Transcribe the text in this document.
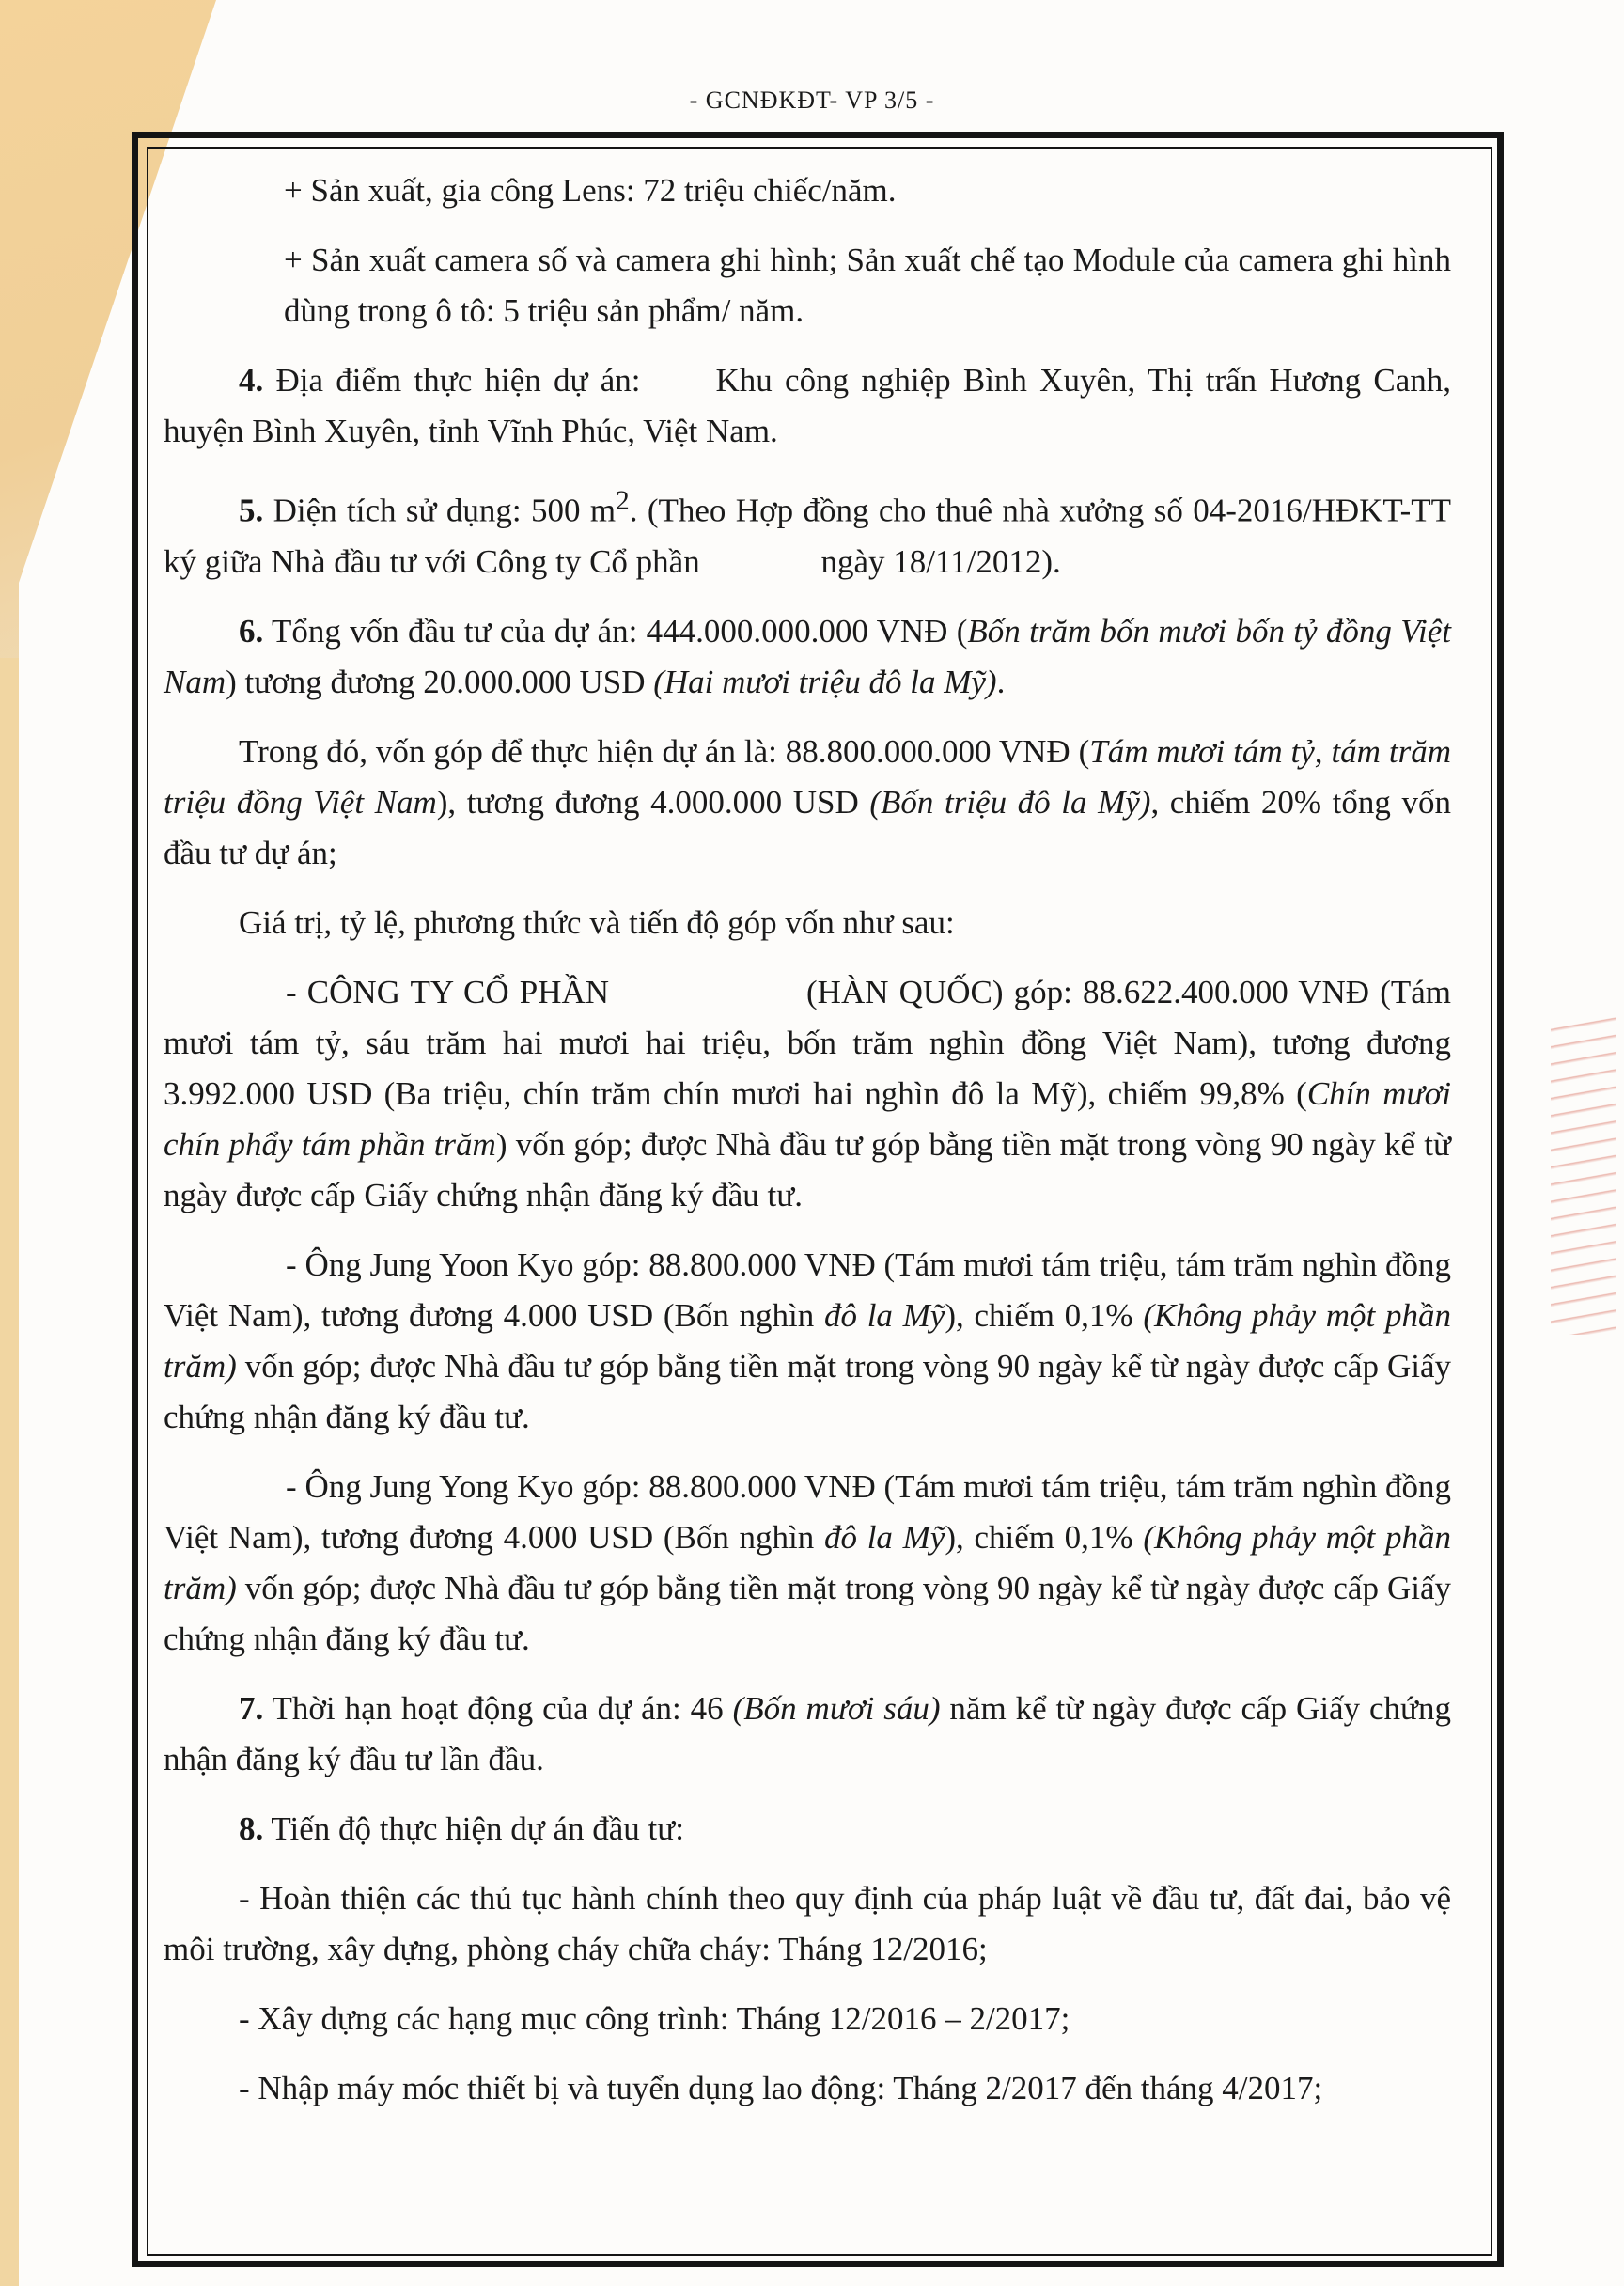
- GCNĐKĐT- VP 3/5 -

+ Sản xuất, gia công Lens: 72 triệu chiếc/năm.

+ Sản xuất camera số và camera ghi hình; Sản xuất chế tạo Module của camera ghi hình dùng trong ô tô: 5 triệu sản phẩm/ năm.

4. Địa điểm thực hiện dự án: Khu công nghiệp Bình Xuyên, Thị trấn Hương Canh, huyện Bình Xuyên, tỉnh Vĩnh Phúc, Việt Nam.

5. Diện tích sử dụng: 500 $m^2$. (Theo Hợp đồng cho thuê nhà xưởng số 04-2016/HĐKT-TT ký giữa Nhà đầu tư với Công ty Cổ phần	ngày 18/11/2012).

6. Tổng vốn đầu tư của dự án: 444.000.000.000 VNĐ (Bốn trăm bốn mươi bốn tỷ đồng Việt Nam) tương đương 20.000.000 USD (Hai mươi triệu đô la Mỹ).

Trong đó, vốn góp để thực hiện dự án là: 88.800.000.000 VNĐ (Tám mươi tám tỷ, tám trăm triệu đồng Việt Nam), tương đương 4.000.000 USD (Bốn triệu đô la Mỹ), chiếm 20% tổng vốn đầu tư dự án;

Giá trị, tỷ lệ, phương thức và tiến độ góp vốn như sau:

- CÔNG TY CỔ PHẦN	(HÀN QUỐC) góp: 88.622.400.000 VNĐ (Tám mươi tám tỷ, sáu trăm hai mươi hai triệu, bốn trăm nghìn đồng Việt Nam), tương đương 3.992.000 USD (Ba triệu, chín trăm chín mươi hai nghìn đô la Mỹ), chiếm 99,8% (Chín mươi chín phẩy tám phần trăm) vốn góp; được Nhà đầu tư góp bằng tiền mặt trong vòng 90 ngày kể từ ngày được cấp Giấy chứng nhận đăng ký đầu tư.

- Ông Jung Yoon Kyo góp: 88.800.000 VNĐ (Tám mươi tám triệu, tám trăm nghìn đồng Việt Nam), tương đương 4.000 USD (Bốn nghìn đô la Mỹ), chiếm 0,1% (Không phảy một phần trăm) vốn góp; được Nhà đầu tư góp bằng tiền mặt trong vòng 90 ngày kể từ ngày được cấp Giấy chứng nhận đăng ký đầu tư.

- Ông Jung Yong Kyo góp: 88.800.000 VNĐ (Tám mươi tám triệu, tám trăm nghìn đồng Việt Nam), tương đương 4.000 USD (Bốn nghìn đô la Mỹ), chiếm 0,1% (Không phảy một phần trăm) vốn góp; được Nhà đầu tư góp bằng tiền mặt trong vòng 90 ngày kể từ ngày được cấp Giấy chứng nhận đăng ký đầu tư.

7. Thời hạn hoạt động của dự án: 46 (Bốn mươi sáu) năm kể từ ngày được cấp Giấy chứng nhận đăng ký đầu tư lần đầu.

8. Tiến độ thực hiện dự án đầu tư:

- Hoàn thiện các thủ tục hành chính theo quy định của pháp luật về đầu tư, đất đai, bảo vệ môi trường, xây dựng, phòng cháy chữa cháy: Tháng 12/2016;

- Xây dựng các hạng mục công trình: Tháng 12/2016 – 2/2017;

- Nhập máy móc thiết bị và tuyển dụng lao động: Tháng 2/2017 đến tháng 4/2017;
